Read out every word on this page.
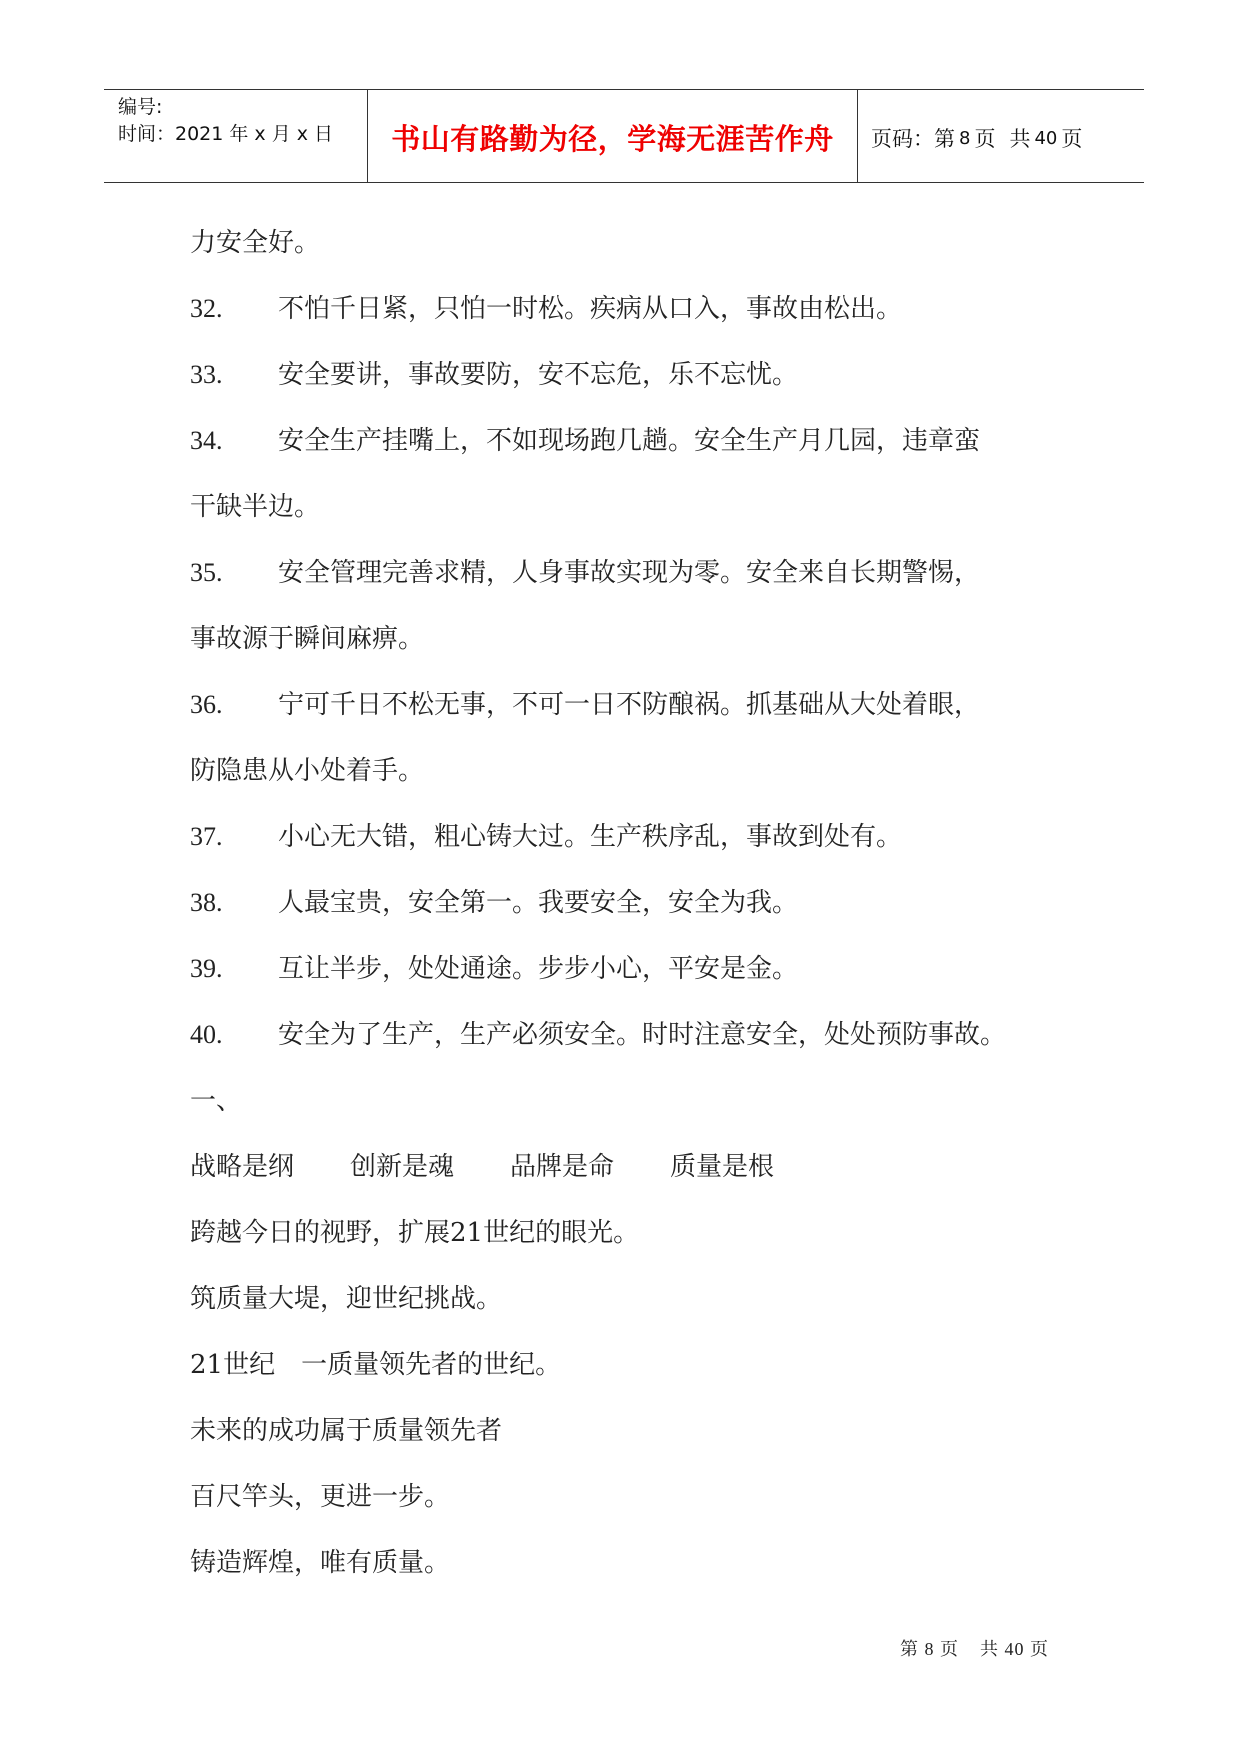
编号:
时间：2021 年 x 月 x 日	书山有路勤为径，学海无涯苦作舟	页码：第 8 页 共 40 页
力安全好。
32.	不怕千日紧，只怕一时松。疾病从口入，事故由松出。
33.	安全要讲，事故要防，安不忘危，乐不忘忧。
34.	安全生产挂嘴上，不如现场跑几趟。安全生产月几园，违章蛮
干缺半边。
35.	安全管理完善求精，人身事故实现为零。安全来自长期警惕，
事故源于瞬间麻痹。
36.	宁可千日不松无事，不可一日不防酿祸。抓基础从大处着眼，
防隐患从小处着手。
37.	小心无大错，粗心铸大过。生产秩序乱，事故到处有。
38.	人最宝贵，安全第一。我要安全，安全为我。
39.	互让半步，处处通途。步步小心，平安是金。
40.	安全为了生产，生产必须安全。时时注意安全，处处预防事故。
一、
战略是纲 创新是魂 品牌是命 质量是根
跨越今日的视野，扩展21世纪的眼光。
筑质量大堤，迎世纪挑战。
21世纪　一质量领先者的世纪。
未来的成功属于质量领先者
百尺竿头，更进一步。
铸造辉煌，唯有质量。
第 8 页 共 40 页
